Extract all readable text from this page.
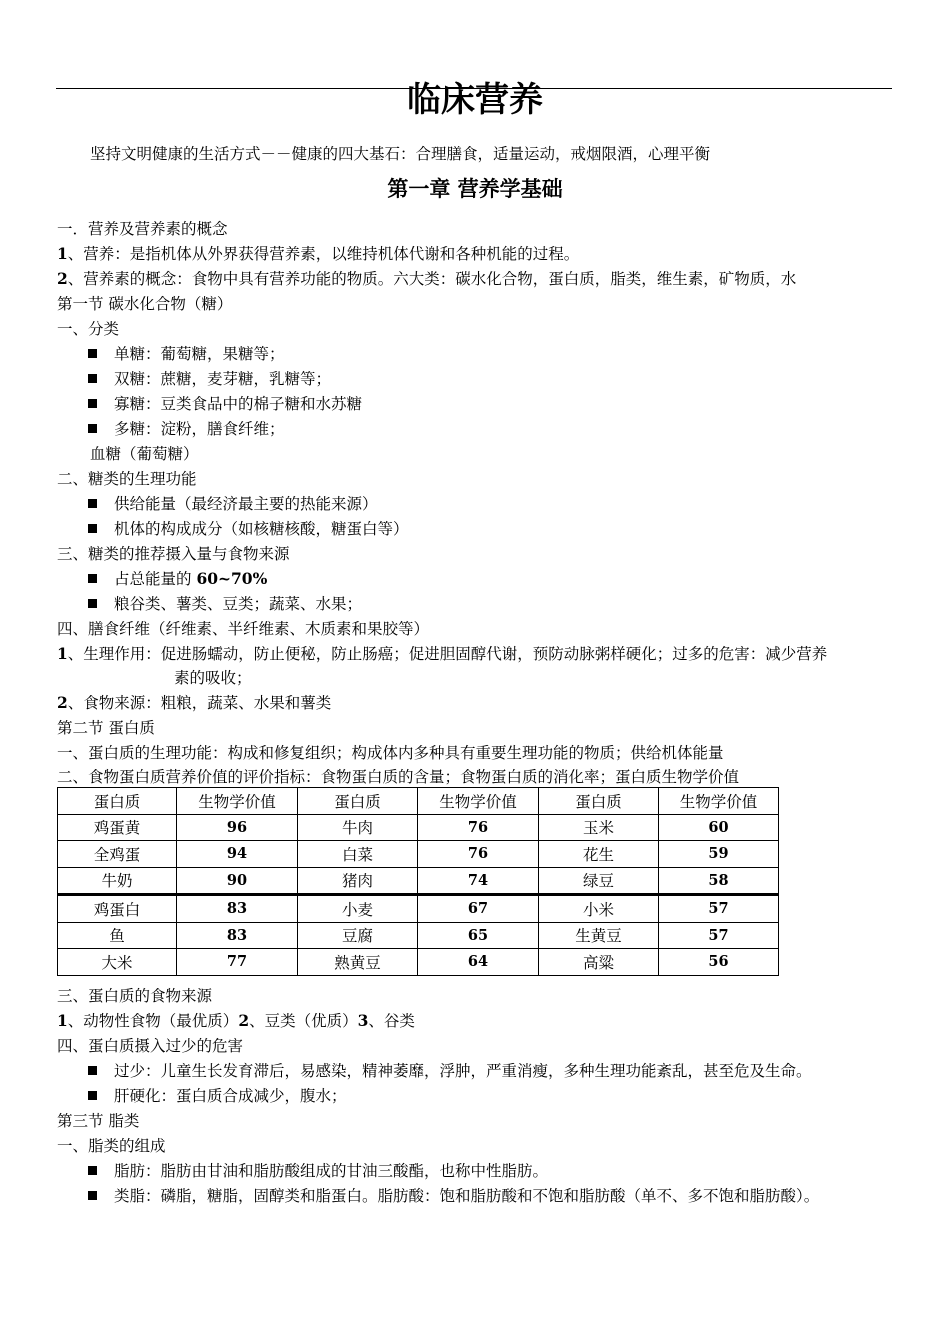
临床营养
坚持文明健康的生活方式－－健康的四大基石：合理膳食，适量运动，戒烟限酒，心理平衡
第一章 营养学基础
一．营养及营养素的概念
1、营养：是指机体从外界获得营养素，以维持机体代谢和各种机能的过程。
2、营养素的概念：食物中具有营养功能的物质。六大类：碳水化合物，蛋白质，脂类，维生素，矿物质，水
第一节 碳水化合物（糖）
一、分类
单糖：葡萄糖，果糖等；
双糖：蔗糖，麦芽糖，乳糖等；
寡糖：豆类食品中的棉子糖和水苏糖
多糖：淀粉，膳食纤维；
血糖（葡萄糖）
二、糖类的生理功能
供给能量（最经济最主要的热能来源）
机体的构成成分（如核糖核酸，糖蛋白等）
三、糖类的推荐摄入量与食物来源
占总能量的 60~70%
粮谷类、薯类、豆类；蔬菜、水果；
四、膳食纤维（纤维素、半纤维素、木质素和果胶等）
1、生理作用：促进肠蠕动，防止便秘，防止肠癌；促进胆固醇代谢，预防动脉粥样硬化；过多的危害：减少营养
素的吸收；
2、食物来源：粗粮，蔬菜、水果和薯类
第二节 蛋白质
一、蛋白质的生理功能：构成和修复组织；构成体内多种具有重要生理功能的物质；供给机体能量
二、食物蛋白质营养价值的评价指标：食物蛋白质的含量；食物蛋白质的消化率；蛋白质生物学价值
蛋白质	生物学价值	蛋白质	生物学价值	蛋白质	生物学价值
鸡蛋黄	96	牛肉	76	玉米	60
全鸡蛋	94	白菜	76	花生	59
牛奶	90	猪肉	74	绿豆	58
鸡蛋白	83	小麦	67	小米	57
鱼	83	豆腐	65	生黄豆	57
大米	77	熟黄豆	64	高粱	56
三、蛋白质的食物来源
1、动物性食物（最优质）2、豆类（优质）3、谷类
四、蛋白质摄入过少的危害
过少：儿童生长发育滞后，易感染，精神萎靡，浮肿，严重消瘦，多种生理功能紊乱，甚至危及生命。
肝硬化：蛋白质合成减少，腹水；
第三节 脂类
一、脂类的组成
脂肪：脂肪由甘油和脂肪酸组成的甘油三酸酯，也称中性脂肪。
类脂：磷脂，糖脂，固醇类和脂蛋白。脂肪酸：饱和脂肪酸和不饱和脂肪酸（单不、多不饱和脂肪酸）。
